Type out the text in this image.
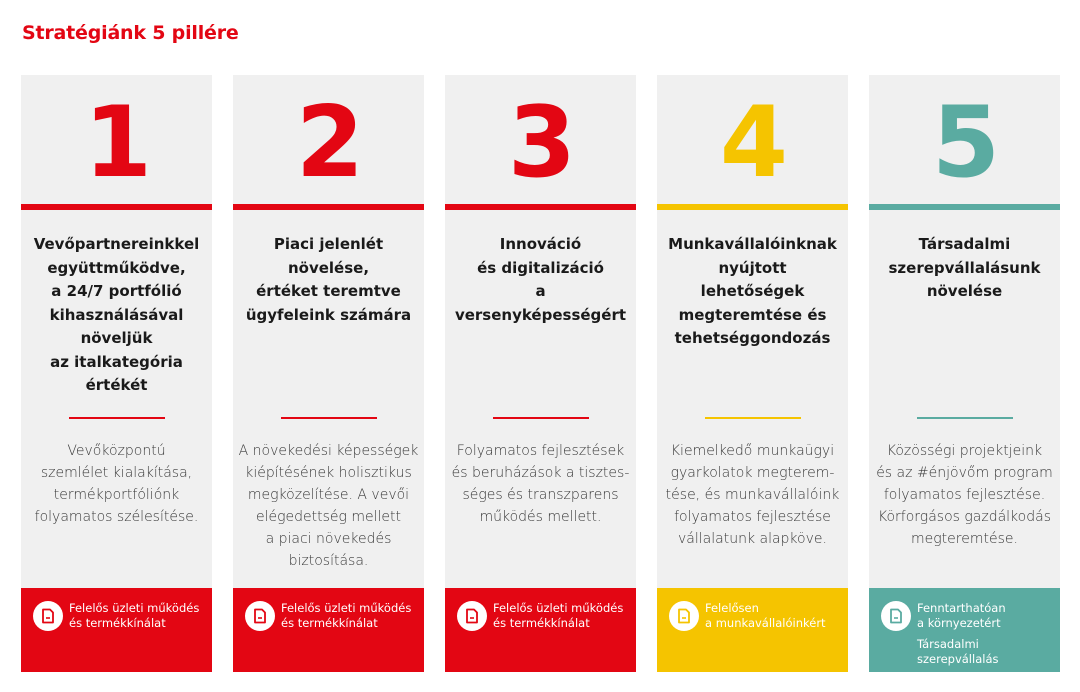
Stratégiánk 5 pillére
1
Vevőpartnereinkkel
együttműködve,
a 24/7 portfólió
kihasználásával
növeljük
az italkategória
értékét
Vevőközpontú
szemlélet kialakítása,
termékportfóliónk
folyamatos szélesítése.
Felelős üzleti működés
és termékkínálat
2
Piaci jelenlét növelése,
értéket teremtve
ügyfeleink számára
A növekedési képességek
kiépítésének holisztikus
megközelítése. A vevői
elégedettség mellett
a piaci növekedés
biztosítása.
Felelős üzleti működés
és termékkínálat
3
Innováció
és digitalizáció
a versenyképességért
Folyamatos fejlesztések
és beruházások a tisztes-
séges és transzparens
működés mellett.
Felelős üzleti működés
és termékkínálat
4
Munkavállalóinknak
nyújtott lehetőségek
megteremtése és
tehetséggondozás
Kiemelkedő munkaügyi
gyarkolatok megterem-
tése, és munkavállalóink
folyamatos fejlesztése
vállalatunk alapköve.
Felelősen
a munkavállalóinkért
5
Társadalmi
szerepvállalásunk
növelése
Közösségi projektjeink
és az #énjövőm program
folyamatos fejlesztése.
Körforgásos gazdálkodás
megteremtése.
Fenntarthatóan
a környezetért
Társadalmi
szerepvállalás
